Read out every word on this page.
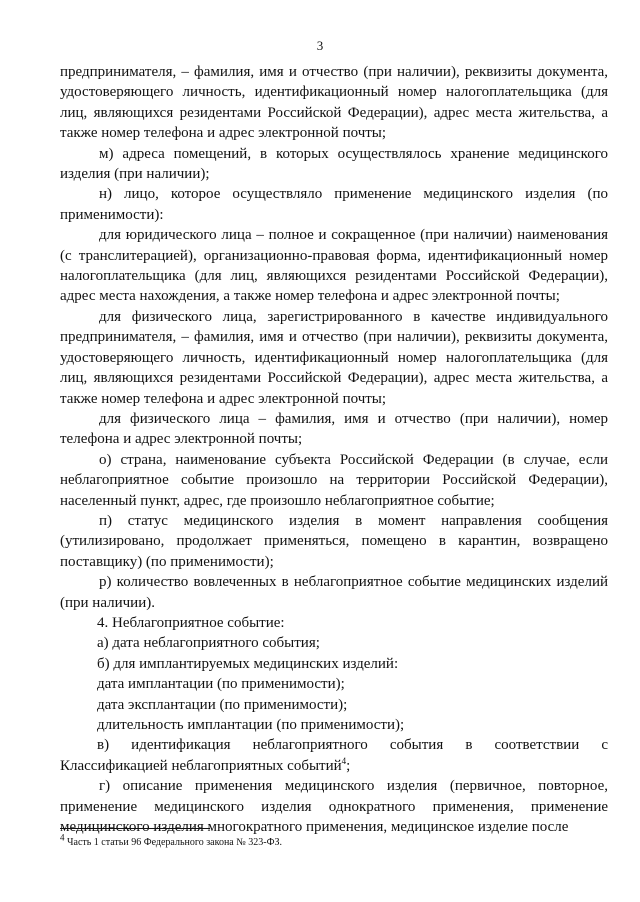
3

предпринимателя, – фамилия, имя и отчество (при наличии), реквизиты документа, удостоверяющего личность, идентификационный номер налогоплательщика (для лиц, являющихся резидентами Российской Федерации), адрес места жительства, а также номер телефона и адрес электронной почты;

м) адреса помещений, в которых осуществлялось хранение медицинского изделия (при наличии);

н) лицо, которое осуществляло применение медицинского изделия (по применимости):

для юридического лица – полное и сокращенное (при наличии) наименования (с транслитерацией), организационно-правовая форма, идентификационный номер налогоплательщика (для лиц, являющихся резидентами Российской Федерации), адрес места нахождения, а также номер телефона и адрес электронной почты;

для физического лица, зарегистрированного в качестве индивидуального предпринимателя, – фамилия, имя и отчество (при наличии), реквизиты документа, удостоверяющего личность, идентификационный номер налогоплательщика (для лиц, являющихся резидентами Российской Федерации), адрес места жительства, а также номер телефона и адрес электронной почты;

для физического лица – фамилия, имя и отчество (при наличии), номер телефона и адрес электронной почты;

о) страна, наименование субъекта Российской Федерации (в случае, если неблагоприятное событие произошло на территории Российской Федерации), населенный пункт, адрес, где произошло неблагоприятное событие;

п) статус медицинского изделия в момент направления сообщения (утилизировано, продолжает применяться, помещено в карантин, возвращено поставщику) (по применимости);

р) количество вовлеченных в неблагоприятное событие медицинских изделий (при наличии).

4. Неблагоприятное событие:

а) дата неблагоприятного события;

б) для имплантируемых медицинских изделий:

дата имплантации (по применимости);

дата эксплантации (по применимости);

длительность имплантации (по применимости);

в) идентификация неблагоприятного события в соответствии с Классификацией неблагоприятных событий$^4$;

г) описание применения медицинского изделия (первичное, повторное, применение медицинского изделия однократного применения, применение медицинского изделия многократного применения, медицинское изделие после

$^4$ Часть 1 статьи 96 Федерального закона № 323-ФЗ.
